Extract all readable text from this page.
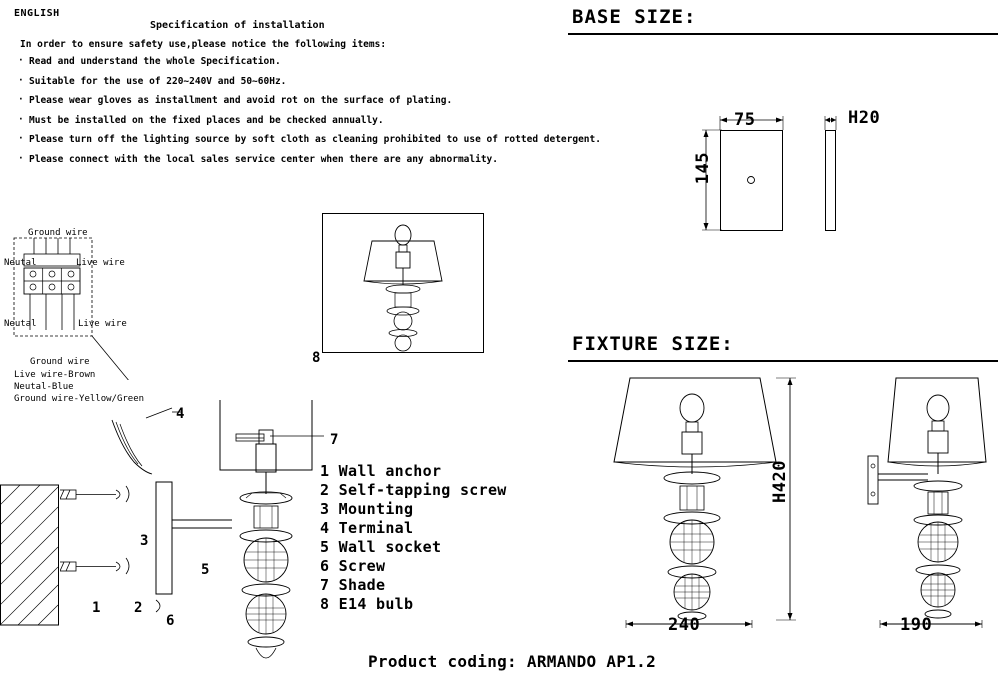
ENGLISH
Specification of installation
In order to ensure safety use,please notice the following items:
· Read and understand the whole Specification.
· Suitable for the use of 220~240V and 50~60Hz.
· Please wear gloves as installment and avoid rot on the surface of plating.
· Must be installed on the fixed places and be checked annually.
· Please turn off the lighting source by soft cloth as cleaning prohibited to use of rotted detergent.
· Please connect with the local sales service center when there are any abnormality.
BASE SIZE:
FIXTURE SIZE:
Ground wire
Neutal	Live wire
Neutal	Live wire
Ground wire
Live wire-Brown
Neutal-Blue
Ground wire-Yellow/Green
8
7
4
3
5
1 2
6
1 Wall anchor
2 Self-tapping screw
3 Mounting
4 Terminal
5 Wall socket
6 Screw
7 Shade
8 E14 bulb
75
145
H20
H420
240	190
Product coding: ARMANDO AP1.2
